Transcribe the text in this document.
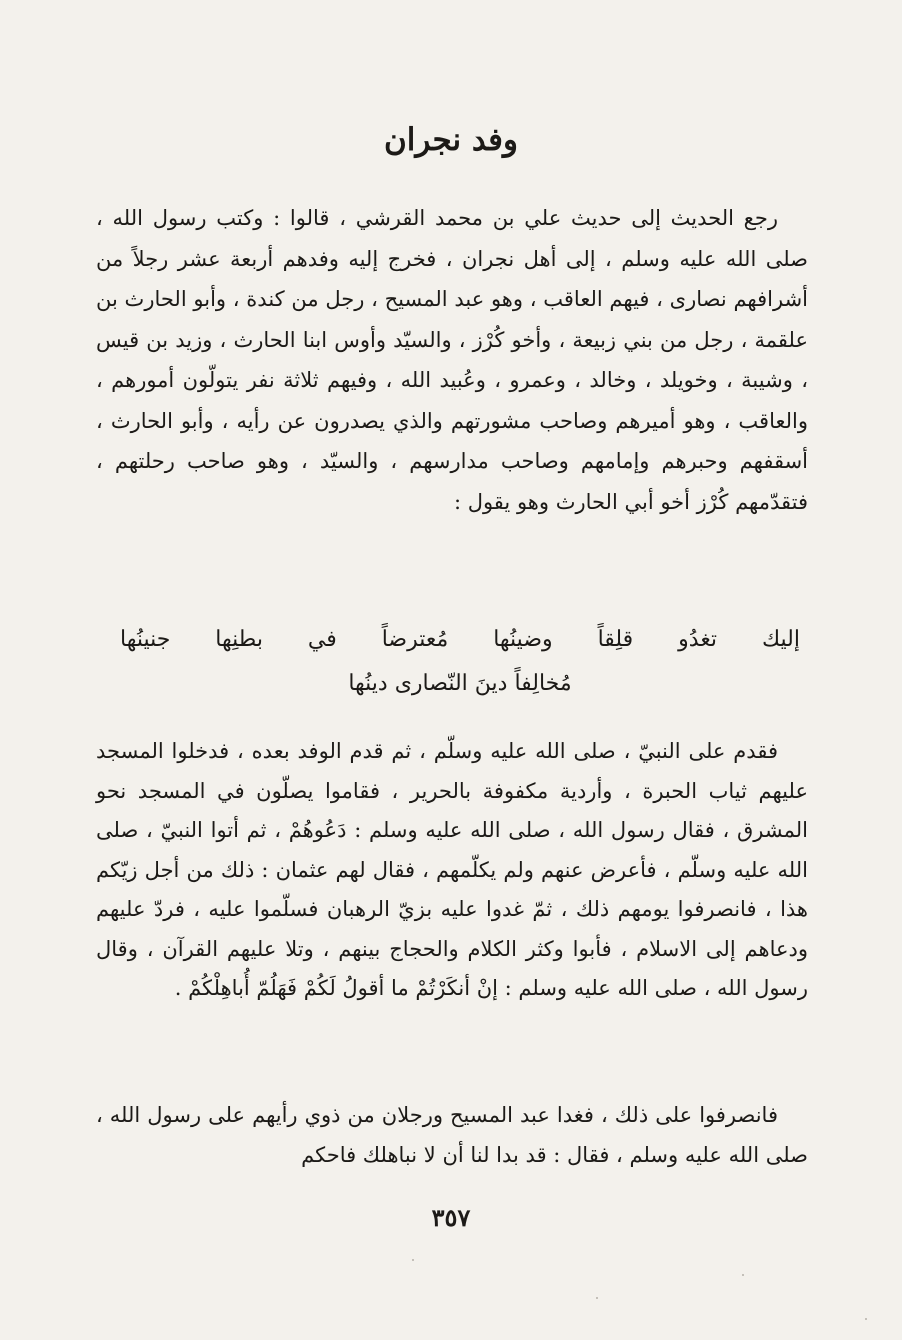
وفد نجران

رجع الحديث إلى حديث علي بن محمد القرشي ، قالوا : وكتب رسول الله ، صلى الله عليه وسلم ، إلى أهل نجران ، فخرج إليه وفدهم أربعة عشر رجلاً من أشرافهم نصارى ، فيهم العاقب ، وهو عبد المسيح ، رجل من كندة ، وأبو الحارث بن علقمة ، رجل من بني زبيعة ، وأخو كُرْز ، والسيّد وأوس ابنا الحارث ، وزيد بن قيس ، وشيبة ، وخويلد ، وخالد ، وعمرو ، وعُبيد الله ، وفيهم ثلاثة نفر يتولّون أمورهم ، والعاقب ، وهو أميرهم وصاحب مشورتهم والذي يصدرون عن رأيه ، وأبو الحارث ، أسقفهم وحبرهم وإمامهم وصاحب مدارسهم ، والسيّد ، وهو صاحب رحلتهم ، فتقدّمهم كُرْز أخو أبي الحارث وهو يقول :

إليك تغدُو قلِقاً وضينُها مُعترضاً في بطنِها جنينُها
مُخالِفاً دينَ النّصارى دينُها

فقدم على النبيّ ، صلى الله عليه وسلّم ، ثم قدم الوفد بعده ، فدخلوا المسجد عليهم ثياب الحبرة ، وأردية مكفوفة بالحرير ، فقاموا يصلّون في المسجد نحو المشرق ، فقال رسول الله ، صلى الله عليه وسلم : دَعُوهُمْ ، ثم أتوا النبيّ ، صلى الله عليه وسلّم ، فأعرض عنهم ولم يكلّمهم ، فقال لهم عثمان : ذلك من أجل زيّكم هذا ، فانصرفوا يومهم ذلك ، ثمّ غدوا عليه بزيّ الرهبان فسلّموا عليه ، فردّ عليهم ودعاهم إلى الاسلام ، فأبوا وكثر الكلام والحجاج بينهم ، وتلا عليهم القرآن ، وقال رسول الله ، صلى الله عليه وسلم : إنْ أنكَرْتُمْ ما أقولُ لَكُمْ فَهَلُمّ أُباهِلْكُمْ .

فانصرفوا على ذلك ، فغدا عبد المسيح ورجلان من ذوي رأيهم على رسول الله ، صلى الله عليه وسلم ، فقال : قد بدا لنا أن لا نباهلك فاحكم

٣٥٧
